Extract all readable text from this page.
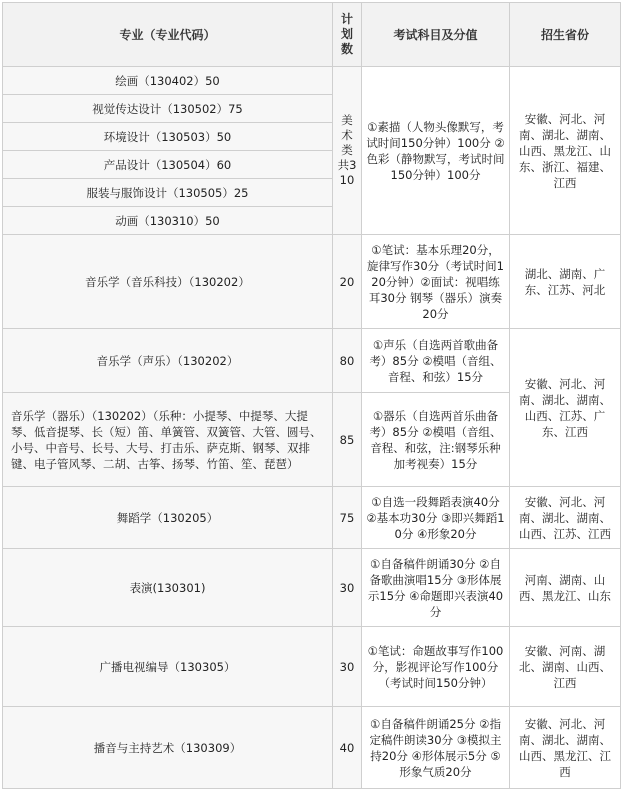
专业（专业代码）	计划数	考试科目及分值	招生省份
绘画（130402）50	美术类共310	①素描（人物头像默写，考试时间150分钟）100分 ②色彩（静物默写，考试时间150分钟）100分	安徽、河北、河南、湖北、湖南、山西、黑龙江、山东、浙江、福建、江西
视觉传达设计（130502）75			
环境设计（130503）50			
产品设计（130504）60			
服装与服饰设计（130505）25			
动画（130310）50			
音乐学（音乐科技）（130202）	20	①笔试：基本乐理20分，旋律写作30分（考试时间120分钟）②面试：视唱练耳30分 钢琴（器乐）演奏20分	湖北、湖南、广东、江苏、河北
音乐学（声乐）（130202）	80	①声乐（自选两首歌曲备考）85分 ②模唱（音组、音程、和弦）15分	安徽、河北、河南、湖北、湖南、山西、江苏、广东、江西
音乐学（器乐）（130202）（乐种：小提琴、中提琴、大提琴、低音提琴、长（短）笛、单簧管、双簧管、大管、圆号、小号、中音号、长号、大号、打击乐、萨克斯、钢琴、双排键、电子管风琴、二胡、古筝、扬琴、竹笛、笙、琵琶）	85	①器乐（自选两首乐曲备考）85分 ②模唱（音组、音程、和弦，注:钢琴乐种加考视奏）15分	
舞蹈学（130205）	75	①自选一段舞蹈表演40分 ②基本功30分 ③即兴舞蹈10分 ④形象20分	安徽、河北、河南、湖北、湖南、山西、江苏、江西
表演(130301)	30	①自备稿件朗诵30分 ②自备歌曲演唱15分 ③形体展示15分 ④命题即兴表演40分	河南、湖南、山西、黑龙江、山东
广播电视编导（130305）	30	①笔试：命题故事写作100分，影视评论写作100分（考试时间150分钟）	安徽、河南、湖北、湖南、山西、江西
播音与主持艺术（130309）	40	①自备稿件朗诵25分 ②指定稿件朗读30分 ③模拟主持20分 ④形体展示5分 ⑤形象气质20分	安徽、河北、河南、湖北、湖南、山西、黑龙江、江西
